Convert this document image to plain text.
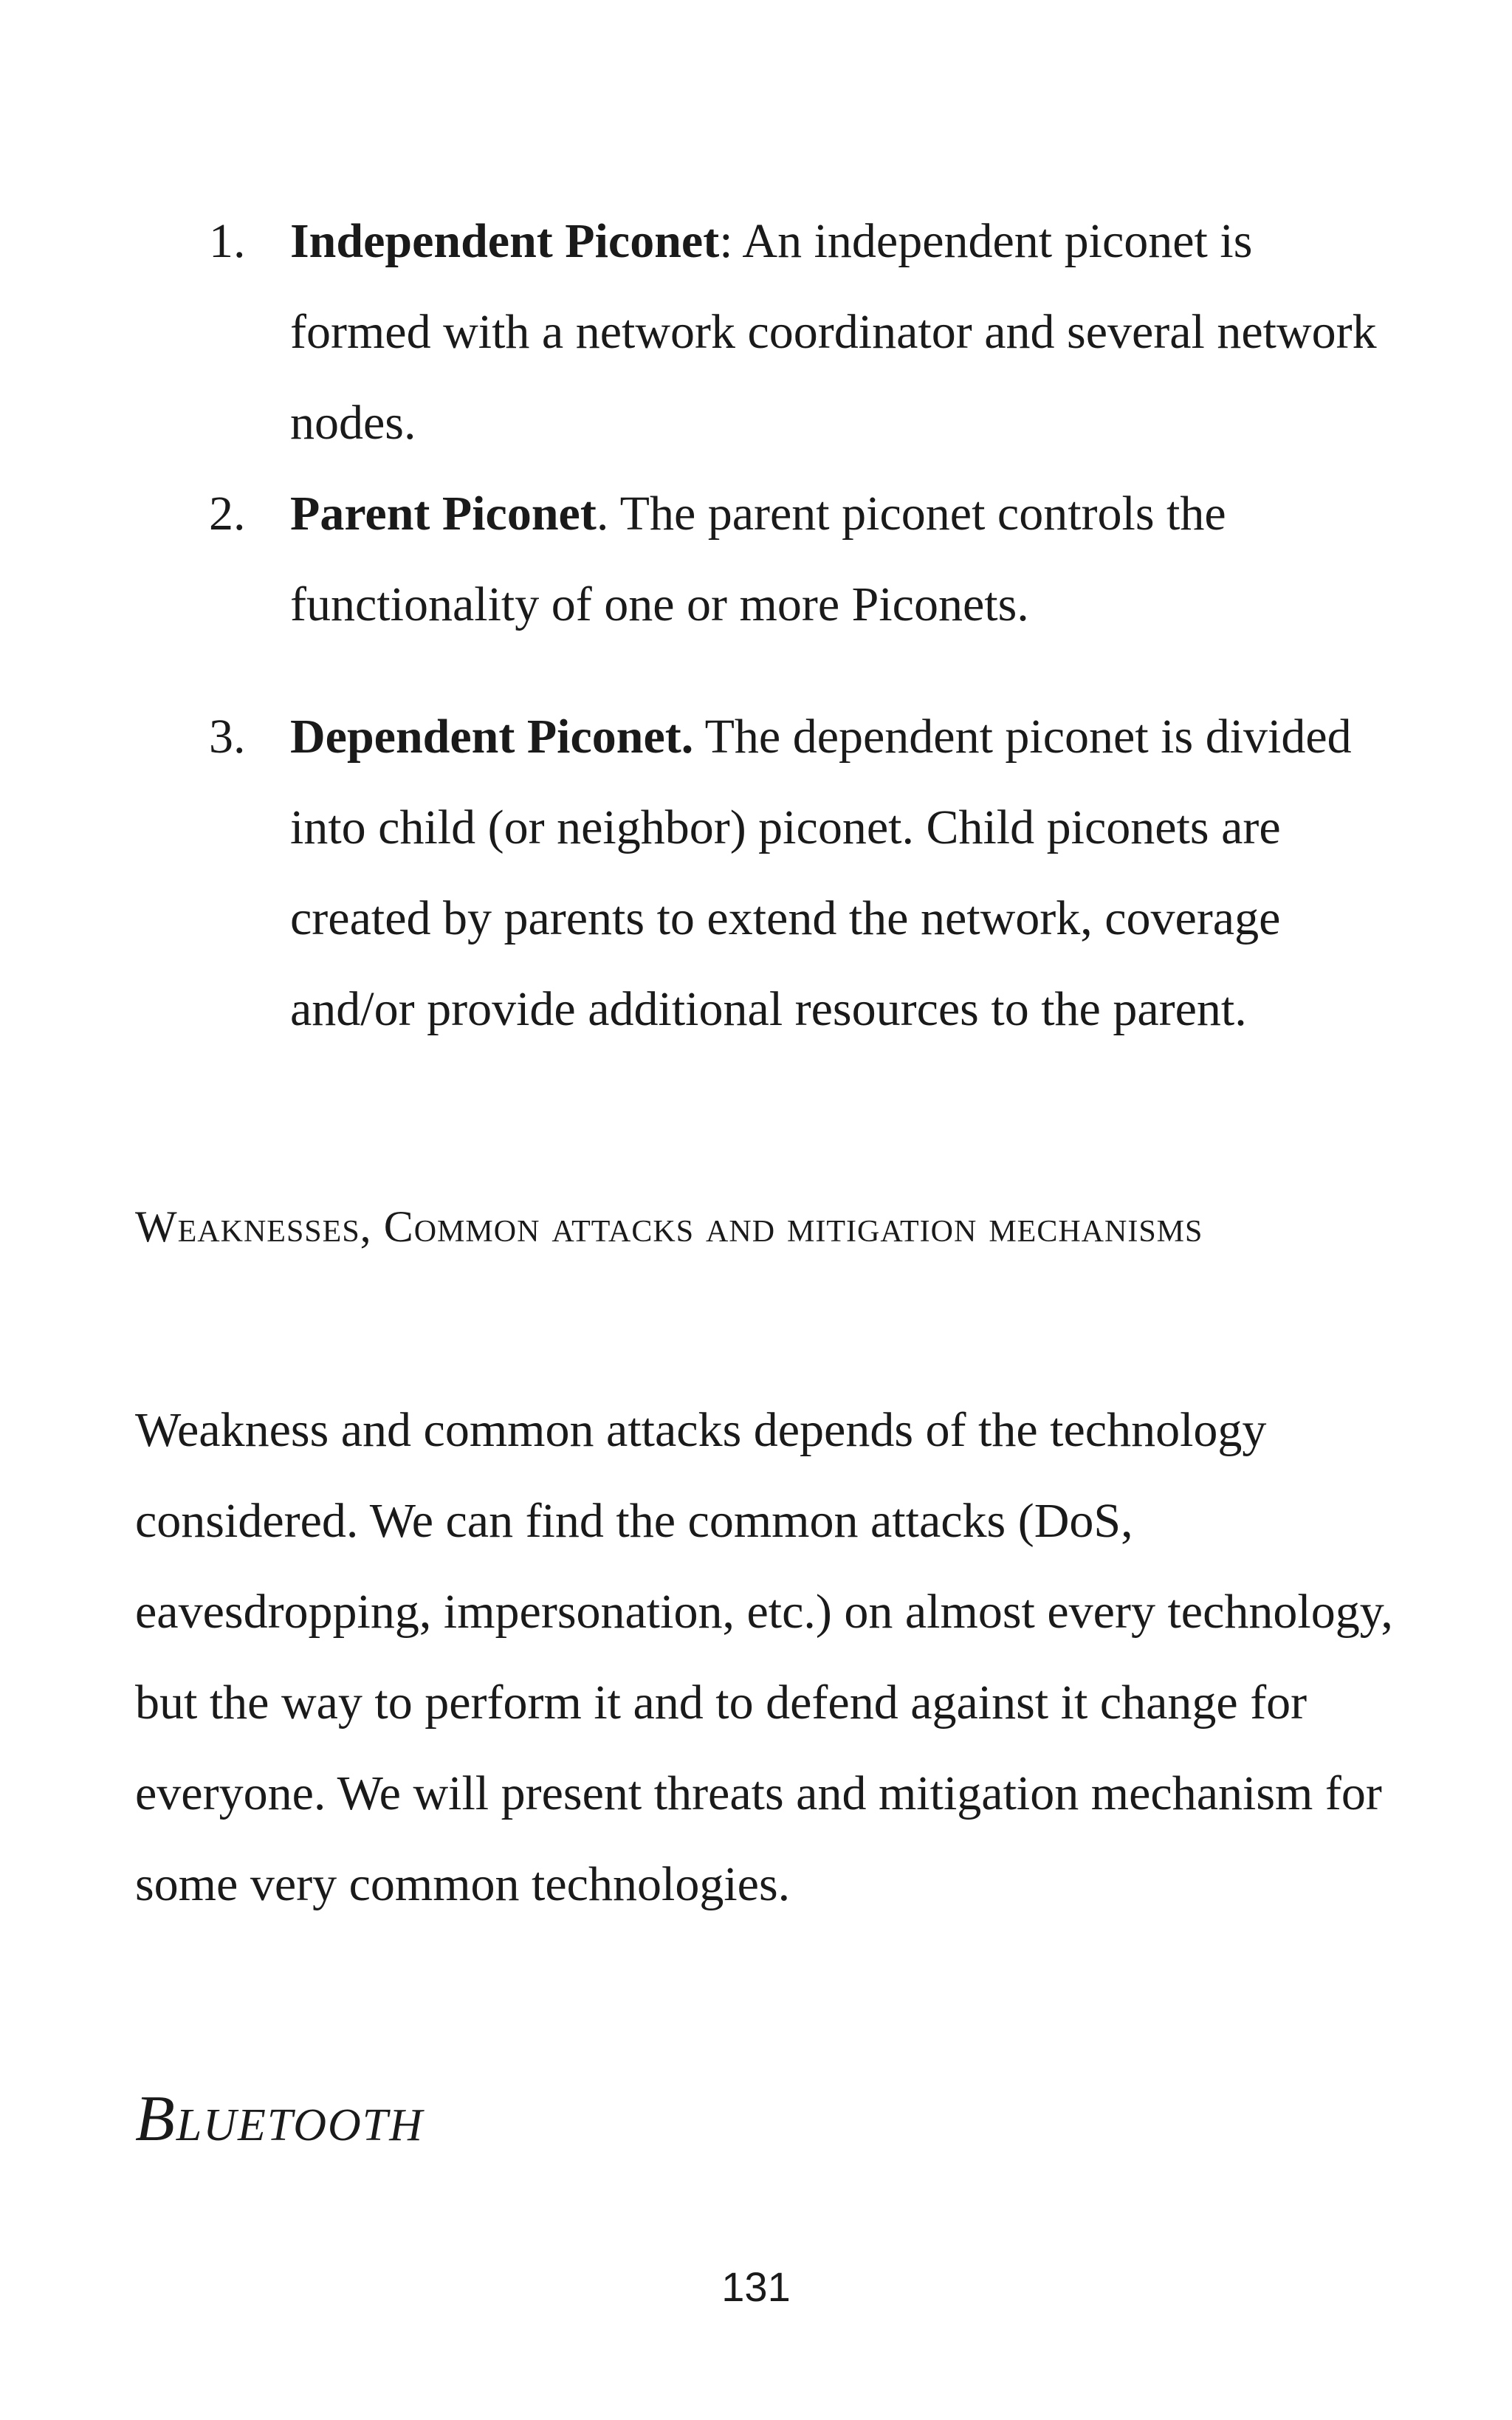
1. Independent Piconet: An independent piconet is formed with a network coordinator and several network nodes.
2. Parent Piconet. The parent piconet controls the functionality of one or more Piconets.
3. Dependent Piconet. The dependent piconet is divided into child (or neighbor) piconet. Child piconets are created by parents to extend the network, coverage and/or provide additional resources to the parent.
Weaknesses, Common attacks and mitigation mechanisms

Weakness and common attacks depends of the technology considered. We can find the common attacks (DoS, eavesdropping, impersonation, etc.) on almost every technology, but the way to perform it and to defend against it change for everyone. We will present threats and mitigation mechanism for some very common technologies.

Bluetooth
131
